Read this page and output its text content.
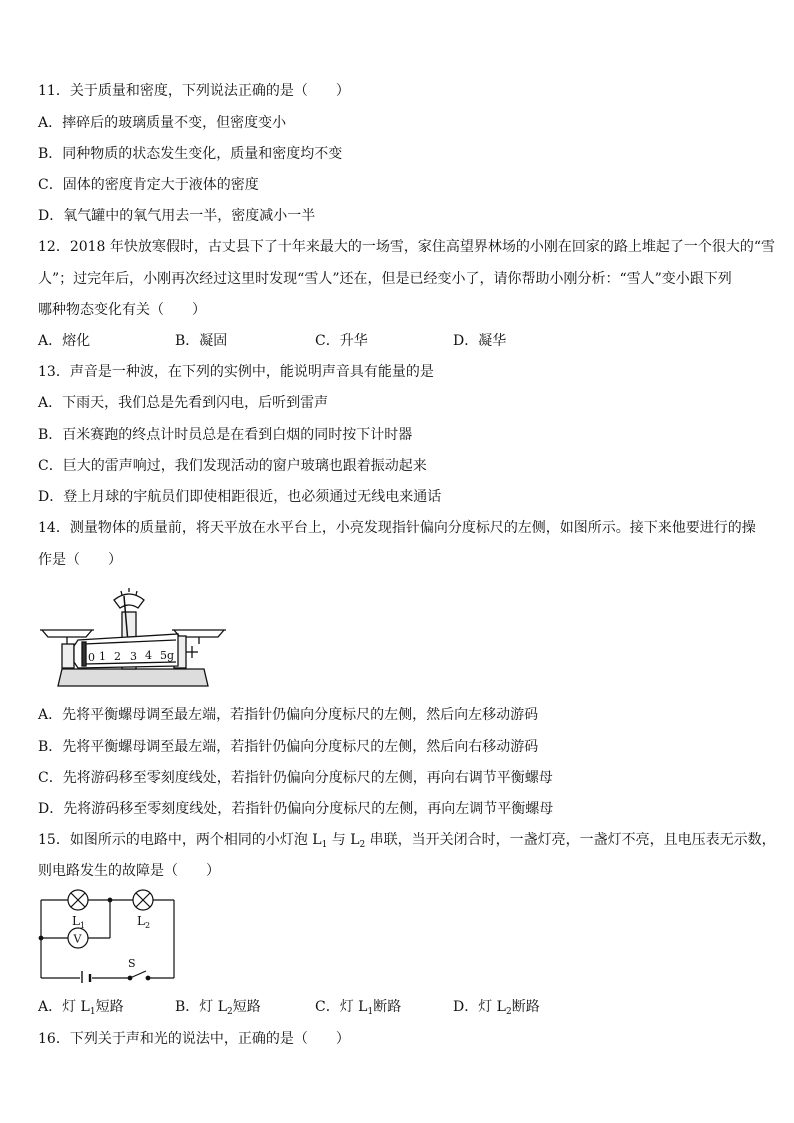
11．关于质量和密度，下列说法正确的是（　　）
A．摔碎后的玻璃质量不变，但密度变小
B．同种物质的状态发生变化，质量和密度均不变
C．固体的密度肯定大于液体的密度
D．氧气罐中的氧气用去一半，密度减小一半
12．2018 年快放寒假时，古丈县下了十年来最大的一场雪，家住高望界林场的小刚在回家的路上堆起了一个很大的“雪
人”；过完年后，小刚再次经过这里时发现“雪人”还在，但是已经变小了，请你帮助小刚分析：“雪人”变小跟下列
哪种物态变化有关（　　）
A．熔化	B．凝固	C．升华	D．凝华
13．声音是一种波，在下列的实例中，能说明声音具有能量的是
A．下雨天，我们总是先看到闪电，后听到雷声
B．百米赛跑的终点计时员总是在看到白烟的同时按下计时器
C．巨大的雷声响过，我们发现活动的窗户玻璃也跟着振动起来
D．登上月球的宇航员们即使相距很近，也必须通过无线电来通话
14．测量物体的质量前，将天平放在水平台上，小亮发现指针偏向分度标尺的左侧，如图所示。接下来他要进行的操
作是（　　）
0 1 2 3 4 5g
A．先将平衡螺母调至最左端，若指针仍偏向分度标尺的左侧，然后向左移动游码
B．先将平衡螺母调至最左端，若指针仍偏向分度标尺的左侧，然后向右移动游码
C．先将游码移至零刻度线处，若指针仍偏向分度标尺的左侧，再向右调节平衡螺母
D．先将游码移至零刻度线处，若指针仍偏向分度标尺的左侧，再向左调节平衡螺母
15．如图所示的电路中，两个相同的小灯泡 $L_1$ 与 $L_2$ 串联，当开关闭合时，一盏灯亮，一盏灯不亮，且电压表无示数，
则电路发生的故障是（　　）
$L_1$	$L_2$
V
S
A．灯 $L_1$短路	B．灯 $L_2$短路	C．灯 $L_1$断路	D．灯 $L_2$断路
16．下列关于声和光的说法中，正确的是（　　）
